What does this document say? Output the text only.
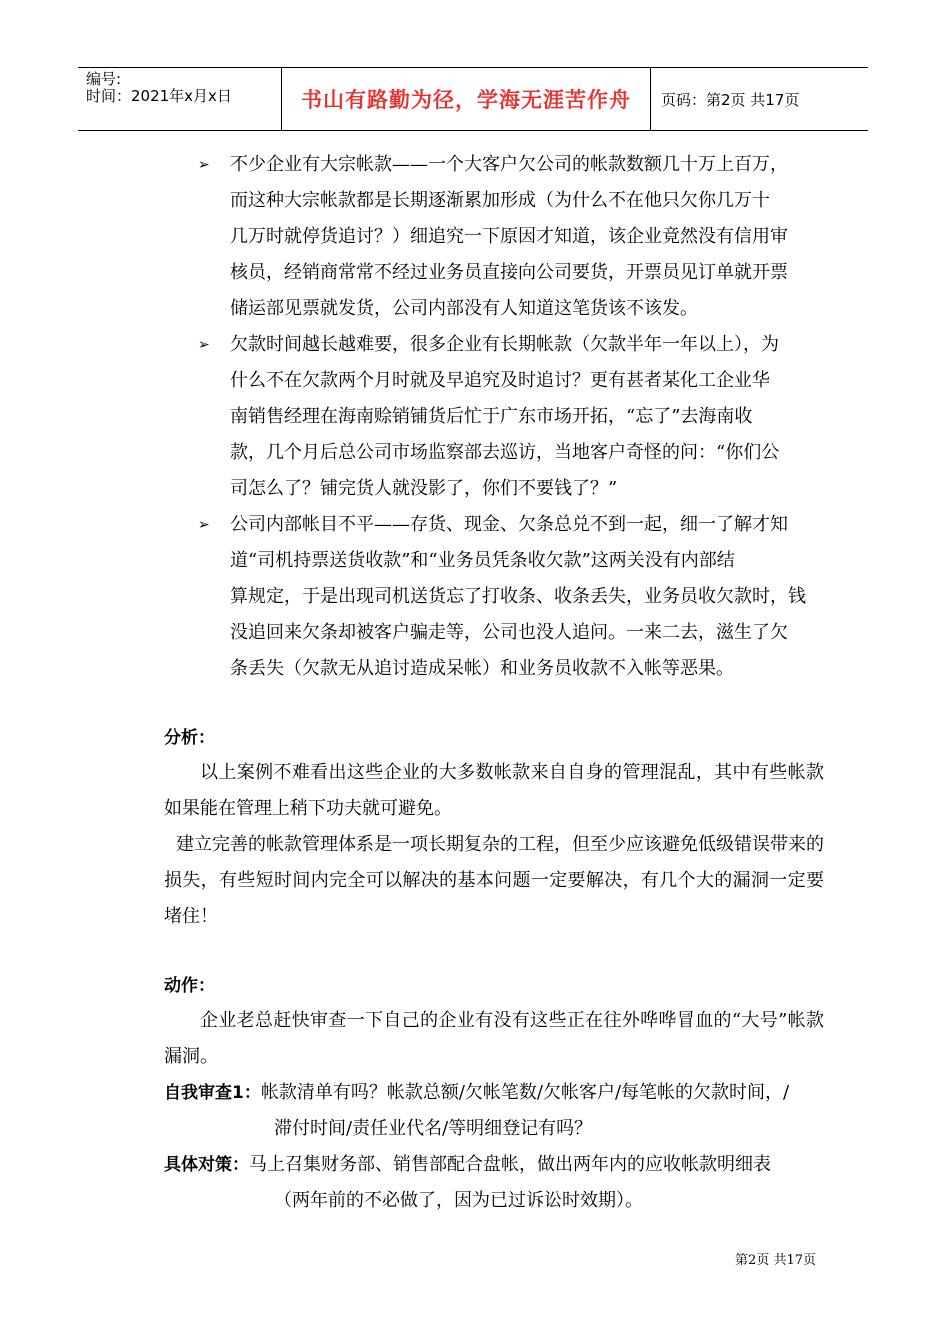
编号:
时间：2021年x月x日	书山有路勤为径，学海无涯苦作舟	页码：第2页 共17页
➢ 不少企业有大宗帐款——一个大客户欠公司的帐款数额几十万上百万，

而这种大宗帐款都是长期逐渐累加形成（为什么不在他只欠你几万十

几万时就停货追讨？）细追究一下原因才知道，该企业竟然没有信用审

核员，经销商常常不经过业务员直接向公司要货，开票员见订单就开票

储运部见票就发货，公司内部没有人知道这笔货该不该发。

➢ 欠款时间越长越难要，很多企业有长期帐款（欠款半年一年以上），为

什么不在欠款两个月时就及早追究及时追讨？更有甚者某化工企业华

南销售经理在海南赊销铺货后忙于广东市场开拓，“忘了”去海南收

款，几个月后总公司市场监察部去巡访，当地客户奇怪的问：“你们公

司怎么了？铺完货人就没影了，你们不要钱了？”

➢ 公司内部帐目不平——存货、现金、欠条总兑不到一起，细一了解才知

道“司机持票送货收款”和“业务员凭条收欠款”这两关没有内部结

算规定，于是出现司机送货忘了打收条、收条丢失，业务员收欠款时，钱

没追回来欠条却被客户骗走等，公司也没人追问。一来二去，滋生了欠

条丢失（欠款无从追讨造成呆帐）和业务员收款不入帐等恶果。

分析：

以上案例不难看出这些企业的大多数帐款来自自身的管理混乱，其中有些帐款如果能在管理上稍下功夫就可避免。

建立完善的帐款管理体系是一项长期复杂的工程，但至少应该避免低级错误带来的损失，有些短时间内完全可以解决的基本问题一定要解决，有几个大的漏洞一定要堵住！

动作：

企业老总赶快审查一下自己的企业有没有这些正在往外哗哗冒血的“大号”帐款漏洞。

自我审查1： 帐款清单有吗？帐款总额/欠帐笔数/欠帐客户/每笔帐的欠款时间，/
滞付时间/责任业代名/等明细登记有吗？
具体对策： 马上召集财务部、销售部配合盘帐，做出两年内的应收帐款明细表
（两年前的不必做了，因为已过诉讼时效期）。
第2页 共17页
